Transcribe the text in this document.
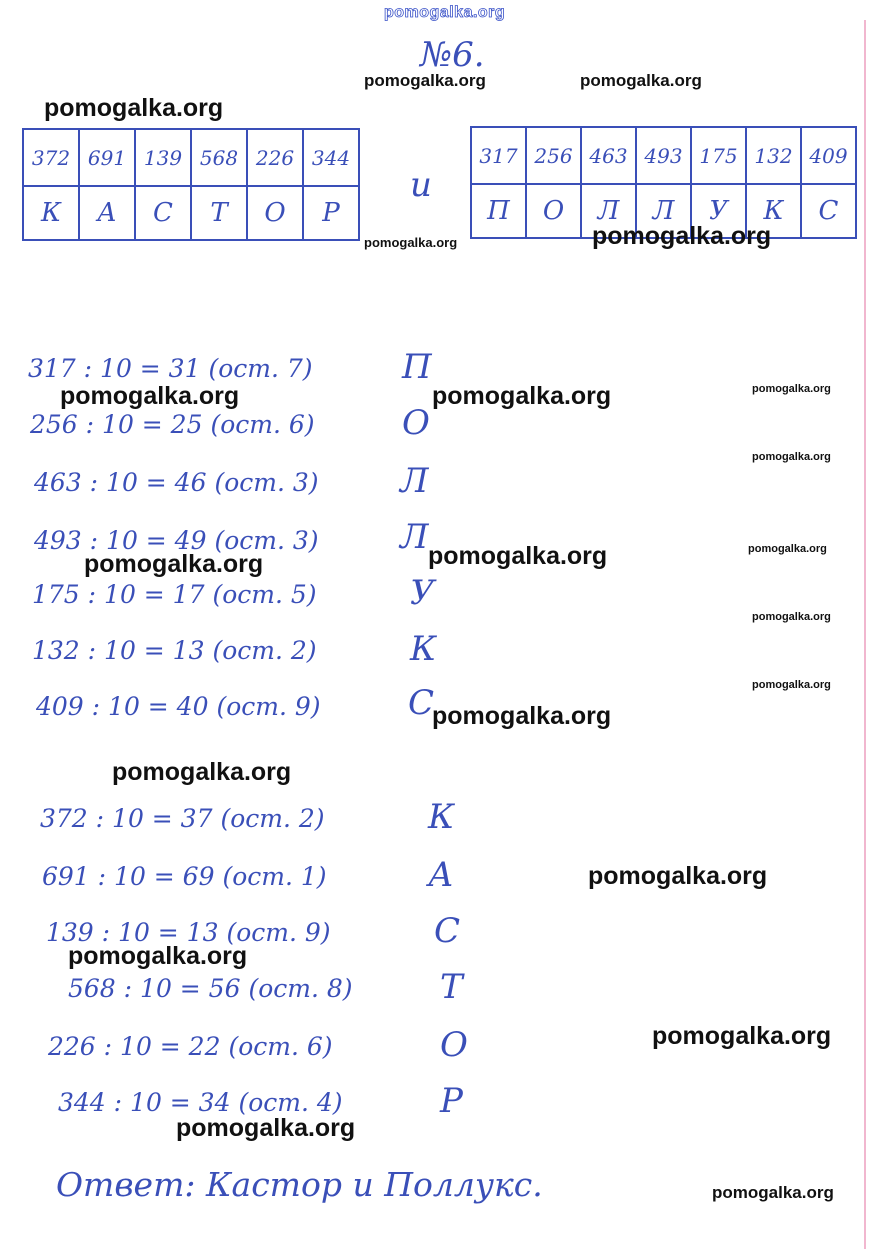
pomogalka.org
№6.
372	691	139	568	226	344
К	А	С	Т	О	Р
и
317	256	463	493	175	132	409
П	О	Л	Л	У	К	С
317 : 10 = 31 (ост. 7)	П
256 : 10 = 25 (ост. 6)	О
463 : 10 = 46 (ост. 3) Л
493 : 10 = 49 (ост. 3) Л
175 : 10 = 17 (ост. 5)	У
132 : 10 = 13 (ост. 2)	К
409 : 10 = 40 (ост. 9)	С
372 : 10 = 37 (ост. 2)	К
691 : 10 = 69 (ост. 1)	А
139 : 10 = 13 (ост. 9)	С
568 : 10 = 56 (ост. 8)	Т
226 : 10 = 22 (ост. 6)	О
344 : 10 = 34 (ост. 4)	Р
Ответ: Кастор и Поллукс.
pomogalka.org
pomogalka.org	pomogalka.org
pomogalka.org	pomogalka.org
pomogalka.org	pomogalka.org	pomogalka.org
pomogalka.org
pomogalka.org	pomogalka.org
pomogalka.org
pomogalka.org
pomogalka.org
pomogalka.org
pomogalka.org
pomogalka.org
pomogalka.org
pomogalka.org
pomogalka.org
pomogalka.org
